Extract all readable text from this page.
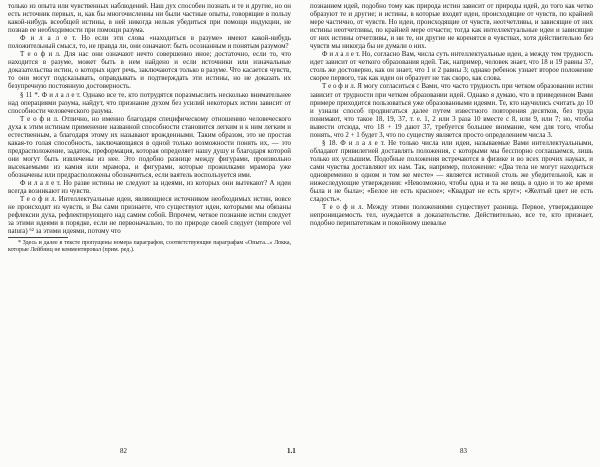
только из опыта или чувственных наблюдений. Наш дух способен познать и те и другие, но он есть источник первых, и, как бы многочисленны ни были частные опыты, говорящие в пользу какой-нибудь всеобщей истины, в ней никогда нельзя убедиться при помощи индукции, не познав ее необходимости при помощи разума.

Ф и л а л е т. Но если эти слова «находиться в разуме» имеют какой-нибудь положительный смысл, то, не правда ли, они означают: быть осознанным и понятым разумом?

Т е о ф и л. Для нас они означают нечто совершенно иное; достаточно, если то, что находится в разуме, может быть в нем найдено и если источники или изначальные доказательства истин, о которых идет речь, заключаются только в разуме. Что касается чувств, то они могут подсказывать, оправдывать и подтверждать эти истины, но не доказать их безупречную постоянную достоверность.

§ 11 *. Ф и л а л е т. Однако все те, кто потрудятся поразмыслить несколько внимательнее над операциями разума, найдут, что признание духом без усилий некоторых истин зависит от способности человеческого разума.

Т е о ф и л. Отлично, но именно благодаря специфическому отношению человеческого духа к этим истинам применение названной способности становится легким и к ним легким и естественным, а благодаря этому их называют врожденными. Таким образом, это не простая какая-то голая способность, заключающаяся в одной только возможности понять их, — это предрасположение, задаток, преформация, которая определяет нашу душу и благодаря которой они могут быть извлечены из нее. Это подобно разнице между фигурами, произвольно высекаемыми из камня или мрамора, и фигурами, которые прожилками мрамора уже обозначены или предрасположены обозначиться, если ваятель воспользуется ими.

Ф и л а л е т. Но разве истины не следуют за идеями, из которых они вытекают? А идеи всегда возникают из чувств.

Т е о ф и л. Интеллектуальные идеи, являющиеся источником необходимых истин, вовсе не происходят из чувств, и Вы сами признаете, что существуют идеи, которыми мы обязаны рефлексии духа, рефлектирующего над самим собой. Впрочем, четкое познание истин следует за этими идеями в порядке, если не первоначально, то по природе своей следует (tempore vel natura) ⁶² за этими идеями, потому что

* Здесь и далее в тексте пропущены номера параграфов, соответствующие параграфам «Опыта...» Локка, которые Лейбниц не комментировал (прим. ред.).

познанием идей, подобно тому как природа истин зависит от природы идей, до того как четко образуют те и другие; и истины, в которые входят идеи, происходящие от чувств, по крайней мере частично, от чувств. Но идеи, происходящие от чувств, неотчетливы, и зависящие от них истины неотчетливы, по крайней мере отчасти; тогда как интеллектуальные идеи и зависящие от них истины отчетливы, и ни те, ни другие не коренятся в чувствах, хотя действительно без чувств мы никогда бы не думали о них.

Ф и л а л е т. Но, согласно Вам, числа суть интеллектуальные идеи, а между тем трудность идет зависит от четкого образования идей. Так, например, человек знает, что 18 и 19 равны 37, столь же достоверно, как он знает, что 1 и 2 равны 3; однако ребенок узнает второе положение скорее первого, так как идеи он образует не так скоро, как слова.

Т е о ф и л. Я могу согласиться с Вами, что часто трудность при четком образовании истин зависит от трудности при четком образовании идей. Однако я думаю, что в приведенном Вами примере приходится пользоваться уже образованными идеями. Те, кто научились считать до 10 и узнали способ продвигаться далее путем известного повторения десятков, без труда понимают, что такое 18, 19, 37, т. е. 1, 2 или 3 раза 10 вместе с 8, или 9, или 7; но, чтобы вывести отсюда, что 18 + 19 дают 37, требуется большее внимание, чем для того, чтобы понять, что 2 + 1 будет 3, что по существу является просто определением числа 3.

§ 18. Ф и л а л е т. Не только числа или идеи, называемые Вами интеллектуальными, обладают привилегией доставлять положения, с которыми мы бесспорно соглашаемся, лишь только их услышим. Подобные положения встречаются в физике и во всех прочих науках, и сами чувства доставляют их нам. Так, например, положение: «Два тела не могут находиться одновременно в одном и том же месте» — является истиной столь же убедительной, как и нижеследующие утверждения: «Невозможно, чтобы одна и та же вещь в одно и то же время была и не была»; «Белое не есть красное»; «Квадрат не есть круг»; «Желтый цвет не есть сладость».

Т е о ф и л. Между этими положениями существует разница. Первое, утверждающее непроницаемость тел, нуждается в доказательстве. Действительно, все те, кто признает, подобно перипатетикам и покойному шевалье

82	1.1	83
